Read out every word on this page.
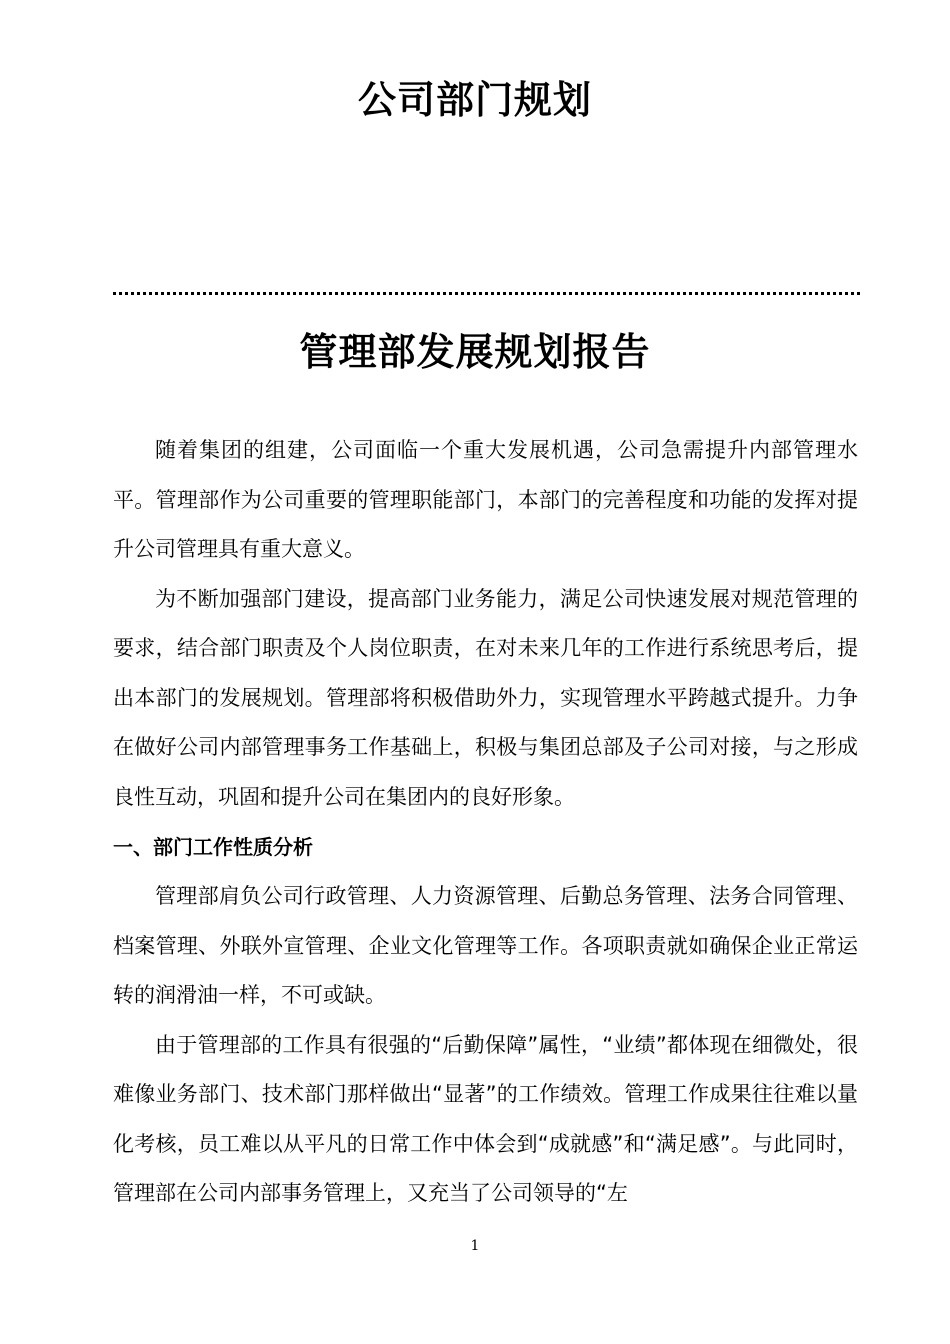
公司部门规划
管理部发展规划报告

随着集团的组建，公司面临一个重大发展机遇，公司急需提升内部管理水平。管理部作为公司重要的管理职能部门，本部门的完善程度和功能的发挥对提升公司管理具有重大意义。

为不断加强部门建设，提高部门业务能力，满足公司快速发展对规范管理的要求，结合部门职责及个人岗位职责，在对未来几年的工作进行系统思考后，提出本部门的发展规划。管理部将积极借助外力，实现管理水平跨越式提升。力争在做好公司内部管理事务工作基础上，积极与集团总部及子公司对接，与之形成良性互动，巩固和提升公司在集团内的良好形象。

一、部门工作性质分析

管理部肩负公司行政管理、人力资源管理、后勤总务管理、法务合同管理、档案管理、外联外宣管理、企业文化管理等工作。各项职责就如确保企业正常运转的润滑油一样，不可或缺。

由于管理部的工作具有很强的“后勤保障”属性，“业绩”都体现在细微处，很难像业务部门、技术部门那样做出“显著”的工作绩效。管理工作成果往往难以量化考核，员工难以从平凡的日常工作中体会到“成就感”和“满足感”。与此同时，管理部在公司内部事务管理上，又充当了公司领导的“左

1
